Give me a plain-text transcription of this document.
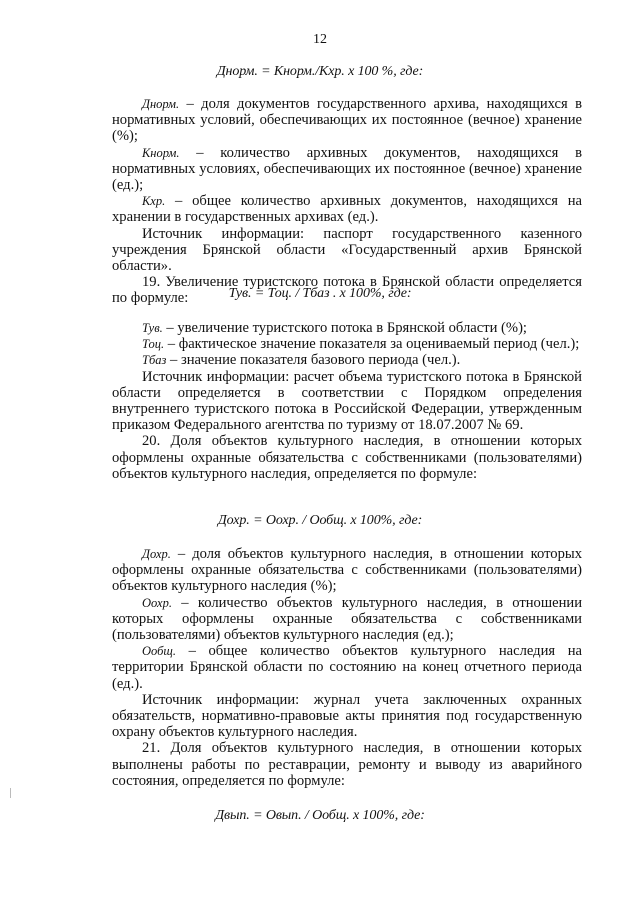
12
Днорм. = Кнорм./Кхр. х 100 %, где:

Днорм. – доля документов государственного архива, находящихся в нормативных условий, обеспечивающих их постоянное (вечное) хранение (%);

Кнорм. – количество архивных документов, находящихся в нормативных условиях, обеспечивающих их постоянное (вечное) хранение (ед.);

Кхр. – общее количество архивных документов, находящихся на хранении в государственных архивах (ед.).

Источник информации: паспорт государственного казенного учреждения Брянской области «Государственный архив Брянской области».

19. Увеличение туристского потока в Брянской области определяется по формуле:	Тув. = Тоц. / Тбаз . х 100%, где:

Тув. – увеличение туристского потока в Брянской области (%);

Тоц. – фактическое значение показателя за оцениваемый период (чел.);

Тбаз – значение показателя базового периода (чел.).

Источник информации: расчет объема туристского потока в Брянской области определяется в соответствии с Порядком определения внутреннего туристского потока в Российской Федерации, утвержденным приказом Федерального агентства по туризму от 18.07.2007 № 69.

20. Доля объектов культурного наследия, в отношении которых оформлены охранные обязательства с собственниками (пользователями) объектов культурного наследия, определяется по формуле:

Дохр. = Оохр. / Ообщ. х 100%, где:

Дохр. – доля объектов культурного наследия, в отношении которых оформлены охранные обязательства с собственниками (пользователями) объектов культурного наследия (%);

Оохр. – количество объектов культурного наследия, в отношении которых оформлены охранные обязательства с собственниками (пользователями) объектов культурного наследия (ед.);

Ообщ. – общее количество объектов культурного наследия на территории Брянской области по состоянию на конец отчетного периода (ед.).

Источник информации: журнал учета заключенных охранных обязательств, нормативно-правовые акты принятия под государственную охрану объектов культурного наследия.

21. Доля объектов культурного наследия, в отношении которых выполнены работы по реставрации, ремонту и выводу из аварийного состояния, определяется по формуле:

Двып. = Овып. / Ообщ. х 100%, где:
